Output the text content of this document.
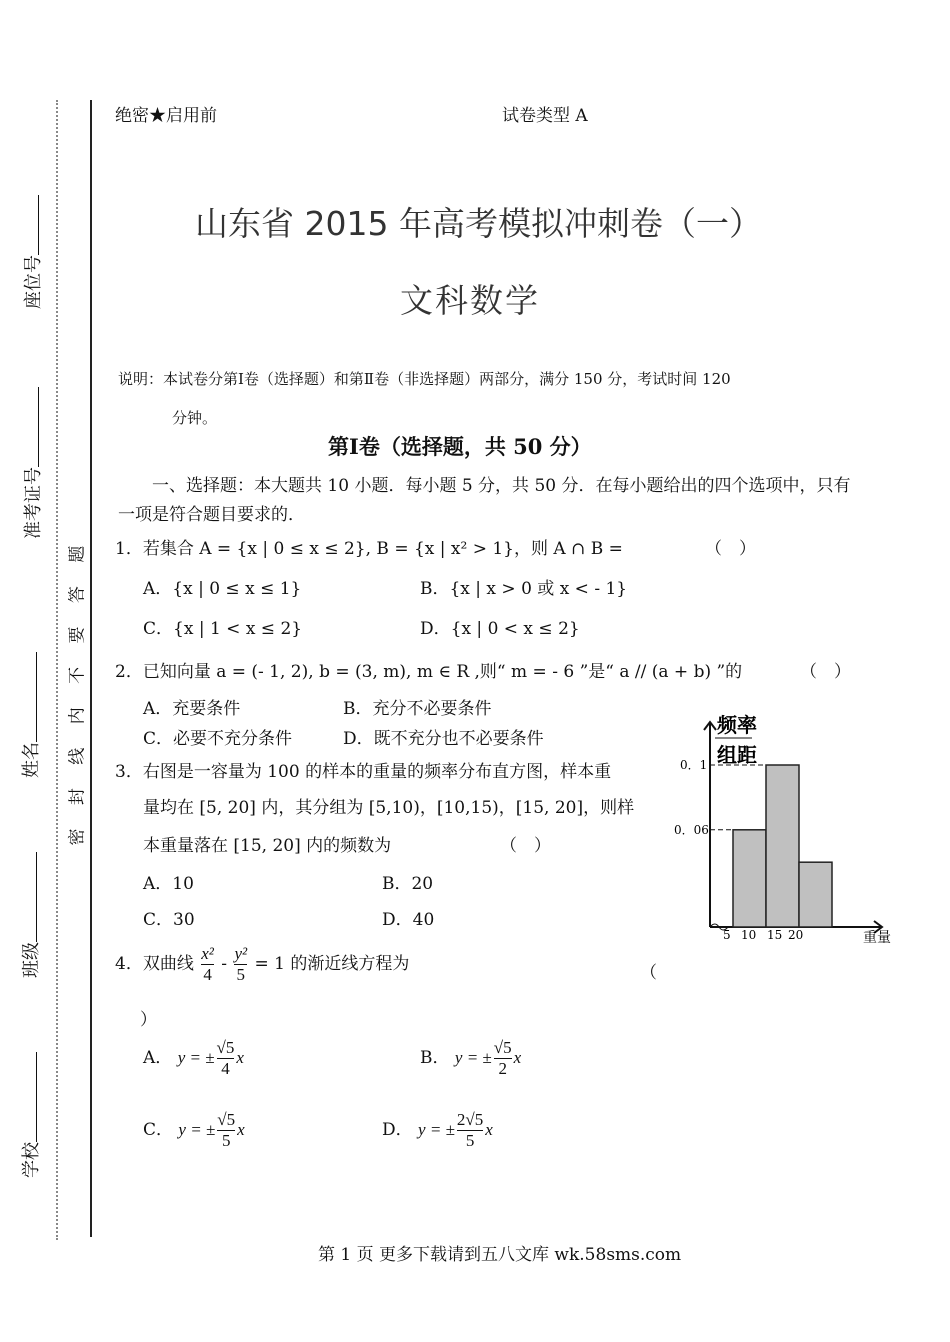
座位号
准考证号
姓名
班级
学校
密 封 线 内 不 要 答 题
绝密★启用前	试卷类型 A
山东省 2015 年高考模拟冲刺卷（一）
文科数学
说明：本试卷分第Ⅰ卷（选择题）和第Ⅱ卷（非选择题）两部分，满分 150 分，考试时间 120
分钟。
第Ⅰ卷（选择题，共 50 分）
一、选择题：本大题共 10 小题．每小题 5 分，共 50 分．在每小题给出的四个选项中，只有
一项是符合题目要求的．
1．若集合 A = {x | 0 ≤ x ≤ 2}, B = {x | x² > 1}，则 A ∩ B =	（　）
A．{x | 0 ≤ x ≤ 1}	B．{x | x > 0 或 x < - 1}
C．{x | 1 < x ≤ 2}	D．{x | 0 < x ≤ 2}
2．已知向量 a = (- 1, 2), b = (3, m), m ∈ R ,则“ m = - 6 ”是“ a // (a + b) ”的	（　）
A．充要条件	B．充分不必要条件
C．必要不充分条件	D．既不充分也不必要条件
3．右图是一容量为 100 的样本的重量的频率分布直方图，样本重
量均在 [5, 20] 内，其分组为 [5,10)，[10,15)，[15, 20]，则样
本重量落在 [15, 20] 内的频数为	（　）
A．10	B．20
C．30	D．40
0．1
0．06
5 10 15 20
频率
组距
重量
4．双曲线 $\frac{\text{x²}}{4} - \frac{\text{y²}}{5} = 1$ 的渐近线方程为	（
）
A． y = ± $\frac{√5}{4}$ x	B． y = ± $\frac{√5}{2}$ x
C． y = ± $\frac{√5}{5}$ x	D． y = ± $\frac{2√5}{5}$ x
第 1 页 更多下载请到五八文库 wk.58sms.com
